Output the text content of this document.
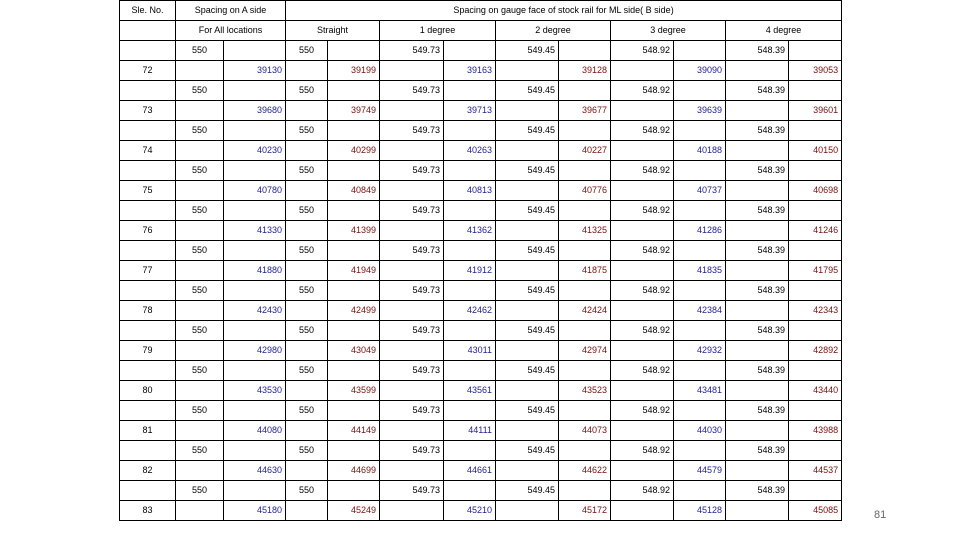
Sle. No.	Spacing on A side		Spacing on gauge face of stock rail for ML side( B side)									
	For All locations		Straight		1 degree		2 degree		3 degree		4 degree	
	550		550		549.73		549.45		548.92		548.39	
72		39130		39199		39163		39128		39090		39053
	550		550		549.73		549.45		548.92		548.39	
73		39680		39749		39713		39677		39639		39601
	550		550		549.73		549.45		548.92		548.39	
74		40230		40299		40263		40227		40188		40150
	550		550		549.73		549.45		548.92		548.39	
75		40780		40849		40813		40776		40737		40698
	550		550		549.73		549.45		548.92		548.39	
76		41330		41399		41362		41325		41286		41246
	550		550		549.73		549.45		548.92		548.39	
77		41880		41949		41912		41875		41835		41795
	550		550		549.73		549.45		548.92		548.39	
78		42430		42499		42462		42424		42384		42343
	550		550		549.73		549.45		548.92		548.39	
79		42980		43049		43011		42974		42932		42892
	550		550		549.73		549.45		548.92		548.39	
80		43530		43599		43561		43523		43481		43440
	550		550		549.73		549.45		548.92		548.39	
81		44080		44149		44111		44073		44030		43988
	550		550		549.73		549.45		548.92		548.39	
82		44630		44699		44661		44622		44579		44537
	550		550		549.73		549.45		548.92		548.39	
83		45180		45249		45210		45172		45128		45085	81
